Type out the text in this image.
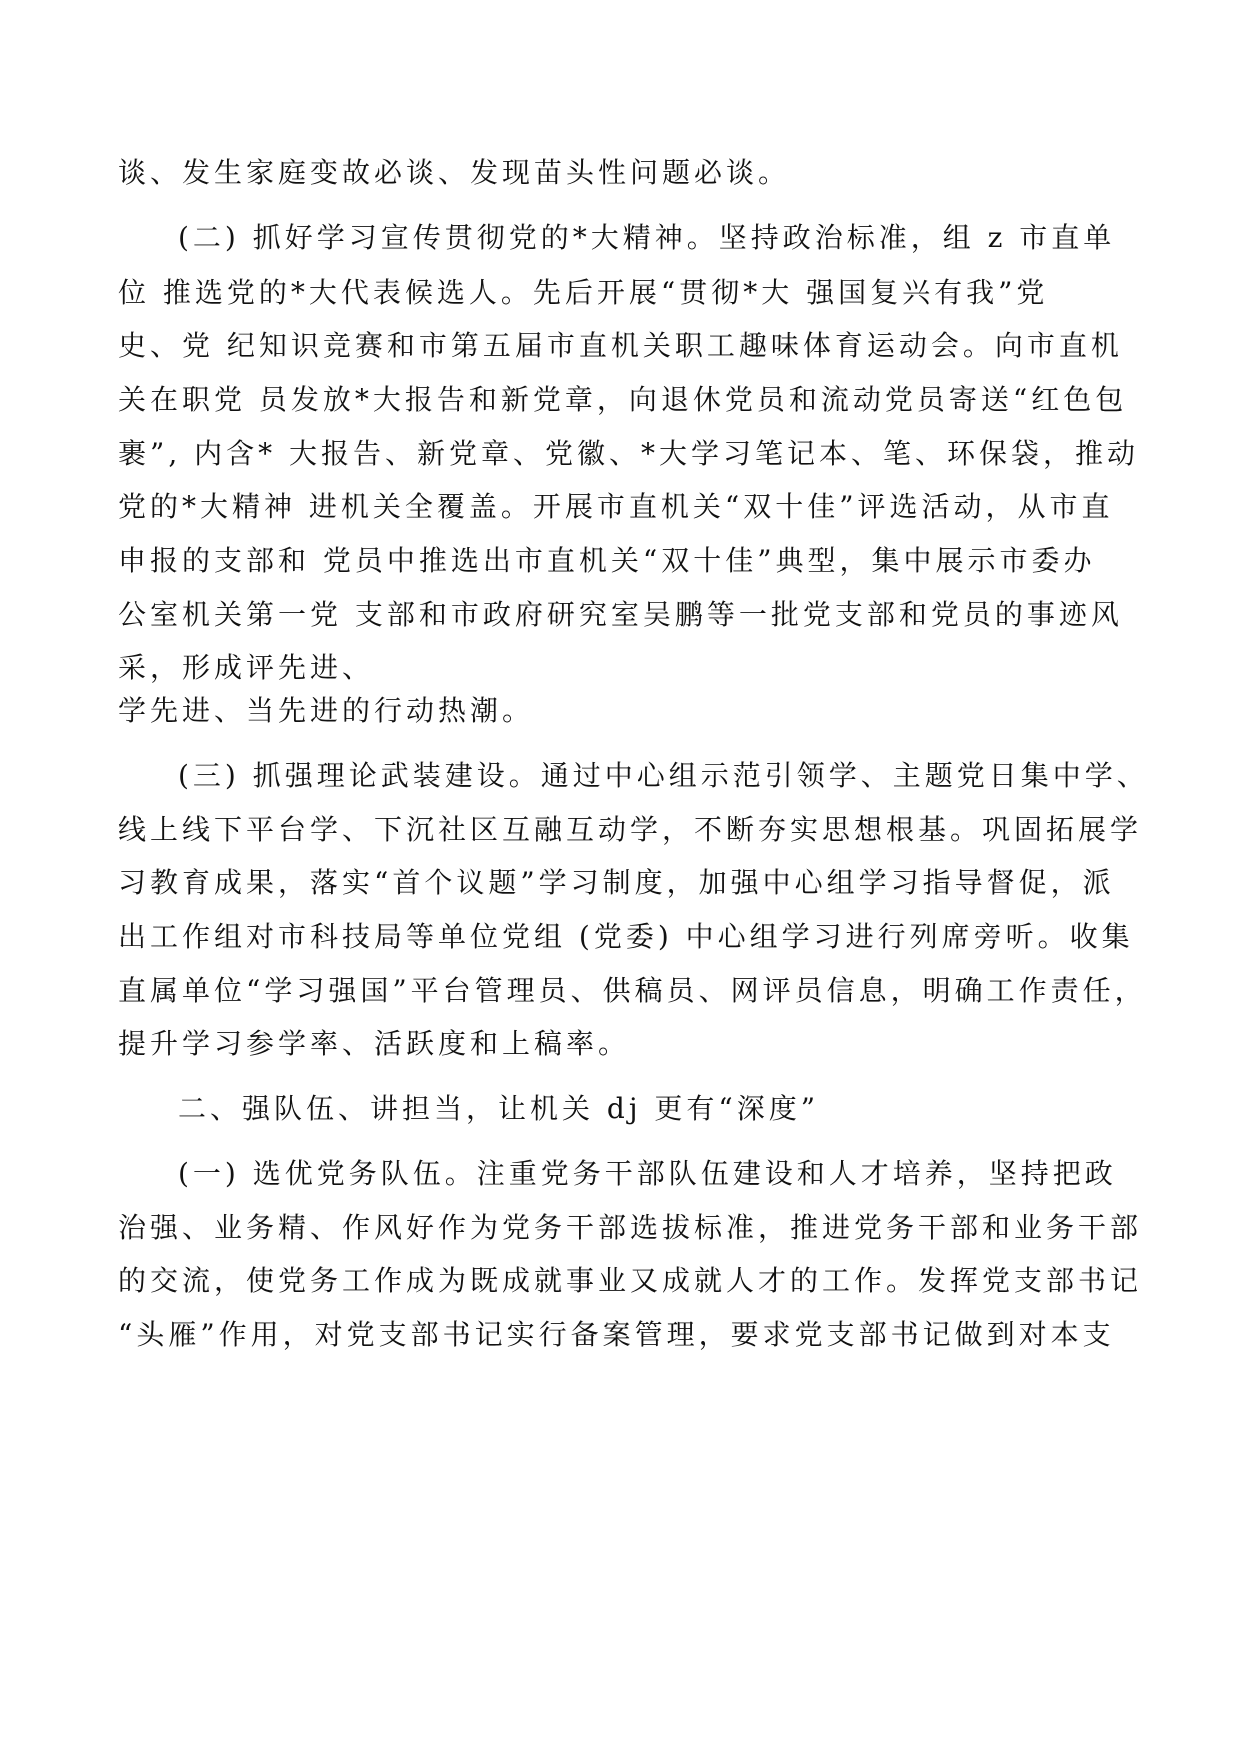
谈、发生家庭变故必谈、发现苗头性问题必谈。
(二) 抓好学习宣传贯彻党的*大精神。坚持政治标准，组 z 市直单
位 推选党的*大代表候选人。先后开展“贯彻*大 强国复兴有我”党
史、党 纪知识竞赛和市第五届市直机关职工趣味体育运动会。向市直机
关在职党 员发放*大报告和新党章，向退休党员和流动党员寄送“红色包
裹”, 内含* 大报告、新党章、党徽、*大学习笔记本、笔、环保袋，推动
党的*大精神 进机关全覆盖。开展市直机关“双十佳”评选活动，从市直
申报的支部和 党员中推选出市直机关“双十佳”典型，集中展示市委办
公室机关第一党 支部和市政府研究室吴鹏等一批党支部和党员的事迹风
采，形成评先进、
学先进、当先进的行动热潮。
(三) 抓强理论武装建设。通过中心组示范引领学、主题党日集中学、
线上线下平台学、下沉社区互融互动学，不断夯实思想根基。巩固拓展学
习教育成果，落实“首个议题”学习制度，加强中心组学习指导督促，派
出工作组对市科技局等单位党组 (党委) 中心组学习进行列席旁听。收集
直属单位“学习强国”平台管理员、供稿员、网评员信息，明确工作责任，
提升学习参学率、活跃度和上稿率。
二、强队伍、讲担当，让机关 dj 更有“深度”
(一) 选优党务队伍。注重党务干部队伍建设和人才培养，坚持把政
治强、业务精、作风好作为党务干部选拔标准，推进党务干部和业务干部
的交流，使党务工作成为既成就事业又成就人才的工作。发挥党支部书记
“头雁”作用，对党支部书记实行备案管理，要求党支部书记做到对本支
